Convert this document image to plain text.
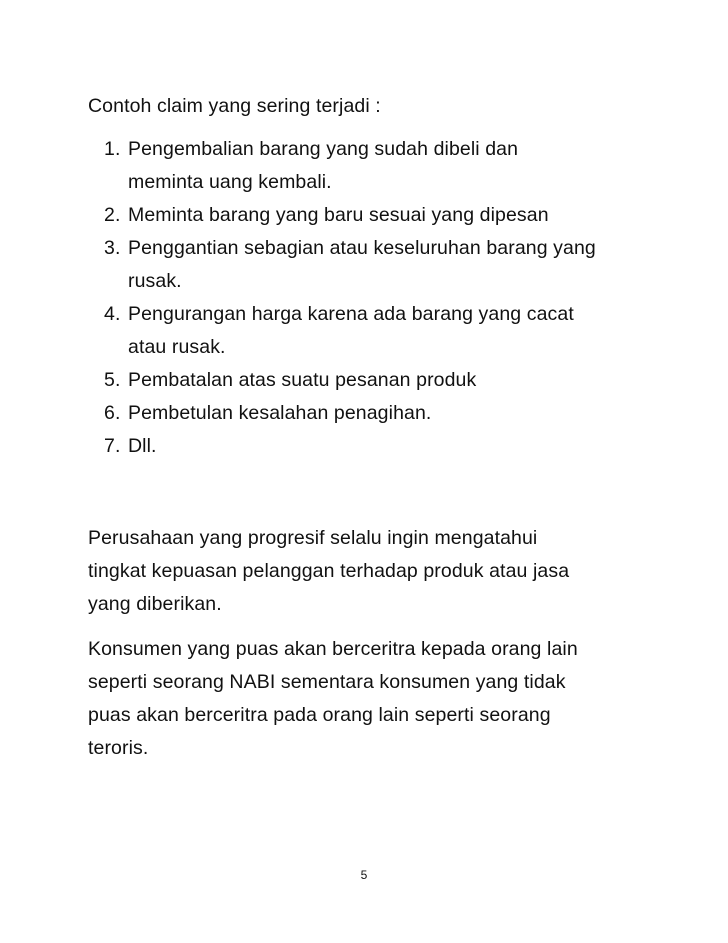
Contoh claim yang sering terjadi :
1. Pengembalian barang yang sudah dibeli dan
meminta uang kembali.
2. Meminta barang yang baru sesuai yang dipesan
3. Penggantian sebagian atau keseluruhan barang yang
rusak.
4. Pengurangan harga karena ada barang yang cacat
atau rusak.
5. Pembatalan atas suatu pesanan produk
6. Pembetulan kesalahan penagihan.
7. Dll.

Perusahaan yang progresif selalu ingin mengatahui
tingkat kepuasan pelanggan terhadap produk atau jasa
yang diberikan.

Konsumen yang puas akan berceritra kepada orang lain
seperti seorang NABI sementara konsumen yang tidak
puas akan berceritra pada orang lain seperti seorang
teroris.

5
